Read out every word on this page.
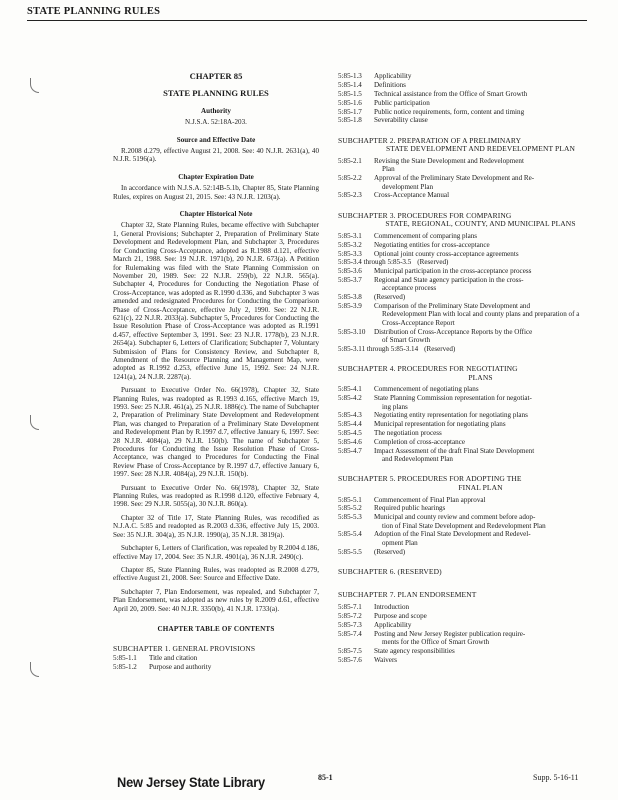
STATE PLANNING RULES
CHAPTER 85
STATE PLANNING RULES
Authority
N.J.S.A. 52:18A-203.
Source and Effective Date
R.2008 d.279, effective August 21, 2008. See: 40 N.J.R. 2631(a), 40 N.J.R. 5196(a).
Chapter Expiration Date
In accordance with N.J.S.A. 52:14B-5.1b, Chapter 85, State Planning Rules, expires on August 21, 2015. See: 43 N.J.R. 1203(a).
Chapter Historical Note
Chapter 32, State Planning Rules, became effective with Subchapter 1, General Provisions; Subchapter 2, Preparation of Preliminary State Development and Redevelopment Plan, and Subchapter 3, Procedures for Conducting Cross-Acceptance, adopted as R.1988 d.121, effective March 21, 1988. See: 19 N.J.R. 1971(b), 20 N.J.R. 673(a). A Petition for Rulemaking was filed with the State Planning Commission on November 20, 1989. See: 22 N.J.R. 259(b), 22 N.J.R. 565(a). Subchapter 4, Procedures for Conducting the Negotiation Phase of Cross-Acceptance, was adopted as R.1990 d.336, and Subchapter 3 was amended and redesignated Procedures for Conducting the Comparison Phase of Cross-Acceptance, effective July 2, 1990. See: 22 N.J.R. 621(c), 22 N.J.R. 2033(a). Subchapter 5, Procedures for Conducting the Issue Resolution Phase of Cross-Acceptance was adopted as R.1991 d.457, effective September 3, 1991. See: 23 N.J.R. 1778(b), 23 N.J.R. 2654(a). Subchapter 6, Letters of Clarification; Subchapter 7, Voluntary Submission of Plans for Consistency Review, and Subchapter 8, Amendment of the Resource Planning and Management Map, were adopted as R.1992 d.253, effective June 15, 1992. See: 24 N.J.R. 1241(a), 24 N.J.R. 2287(a).
Pursuant to Executive Order No. 66(1978), Chapter 32, State Planning Rules, was readopted as R.1993 d.165, effective March 19, 1993. See: 25 N.J.R. 461(a), 25 N.J.R. 1886(c). The name of Subchapter 2, Preparation of Preliminary State Development and Redevelopment Plan, was changed to Preparation of a Preliminary State Development and Redevelopment Plan by R.1997 d.7, effective January 6, 1997. See: 28 N.J.R. 4084(a), 29 N.J.R. 150(b). The name of Subchapter 5, Procedures for Conducting the Issue Resolution Phase of Cross-Acceptance, was changed to Procedures for Conducting the Final Review Phase of Cross-Acceptance by R.1997 d.7, effective January 6, 1997. See: 28 N.J.R. 4084(a), 29 N.J.R. 150(b).
Pursuant to Executive Order No. 66(1978), Chapter 32, State Planning Rules, was readopted as R.1998 d.120, effective February 4, 1998. See: 29 N.J.R. 5055(a), 30 N.J.R. 860(a).
Chapter 32 of Title 17, State Planning Rules, was recodified as N.J.A.C. 5:85 and readopted as R.2003 d.336, effective July 15, 2003. See: 35 N.J.R. 304(a), 35 N.J.R. 1990(a), 35 N.J.R. 3819(a).
Subchapter 6, Letters of Clarification, was repealed by R.2004 d.186, effective May 17, 2004. See: 35 N.J.R. 4901(a), 36 N.J.R. 2490(c).
Chapter 85, State Planning Rules, was readopted as R.2008 d.279, effective August 21, 2008. See: Source and Effective Date.
Subchapter 7, Plan Endorsement, was repealed, and Subchapter 7, Plan Endorsement, was adopted as new rules by R.2009 d.61, effective April 20, 2009. See: 40 N.J.R. 3350(b), 41 N.J.R. 1733(a).
CHAPTER TABLE OF CONTENTS
SUBCHAPTER 1. GENERAL PROVISIONS
5:85-1.1	Title and citation
5:85-1.2	Purpose and authority
5:85-1.3	Applicability
5:85-1.4	Definitions
5:85-1.5	Technical assistance from the Office of Smart Growth
5:85-1.6	Public participation
5:85-1.7	Public notice requirements, form, content and timing
5:85-1.8	Severability clause
SUBCHAPTER 2. PREPARATION OF A PRELIMINARY
STATE DEVELOPMENT AND REDEVELOPMENT PLAN
5:85-2.1	Revising the State Development and Redevelopment
Plan
5:85-2.2	Approval of the Preliminary State Development and Re-
development Plan
5:85-2.3	Cross-Acceptance Manual
SUBCHAPTER 3. PROCEDURES FOR COMPARING
STATE, REGIONAL, COUNTY, AND MUNICIPAL PLANS
5:85-3.1	Commencement of comparing plans
5:85-3.2	Negotiating entities for cross-acceptance
5:85-3.3	Optional joint county cross-acceptance agreements
5:85-3.4 through 5:85-3.5 (Reserved)
5:85-3.6	Municipal participation in the cross-acceptance process
5:85-3.7	Regional and State agency participation in the cross-
acceptance process
5:85-3.8	(Reserved)
5:85-3.9	Comparison of the Preliminary State Development and
Redevelopment Plan with local and county plans and preparation of a Cross-Acceptance Report
5:85-3.10	Distribution of Cross-Acceptance Reports by the Office
of Smart Growth
5:85-3.11 through 5:85-3.14 (Reserved)
SUBCHAPTER 4. PROCEDURES FOR NEGOTIATING
PLANS
5:85-4.1	Commencement of negotiating plans
5:85-4.2	State Planning Commission representation for negotiat-
ing plans
5:85-4.3	Negotiating entity representation for negotiating plans
5:85-4.4	Municipal representation for negotiating plans
5:85-4.5	The negotiation process
5:85-4.6	Completion of cross-acceptance
5:85-4.7	Impact Assessment of the draft Final State Development
and Redevelopment Plan
SUBCHAPTER 5. PROCEDURES FOR ADOPTING THE
FINAL PLAN
5:85-5.1	Commencement of Final Plan approval
5:85-5.2	Required public hearings
5:85-5.3	Municipal and county review and comment before adop-
tion of Final State Development and Redevelopment Plan
5:85-5.4	Adoption of the Final State Development and Redevel-
opment Plan
5:85-5.5	(Reserved)
SUBCHAPTER 6. (RESERVED)
SUBCHAPTER 7. PLAN ENDORSEMENT
5:85-7.1	Introduction
5:85-7.2	Purpose and scope
5:85-7.3	Applicability
5:85-7.4	Posting and New Jersey Register publication require-
ments for the Office of Smart Growth
5:85-7.5	State agency responsibilities
5:85-7.6	Waivers
New Jersey State Library	85-1	Supp. 5-16-11
